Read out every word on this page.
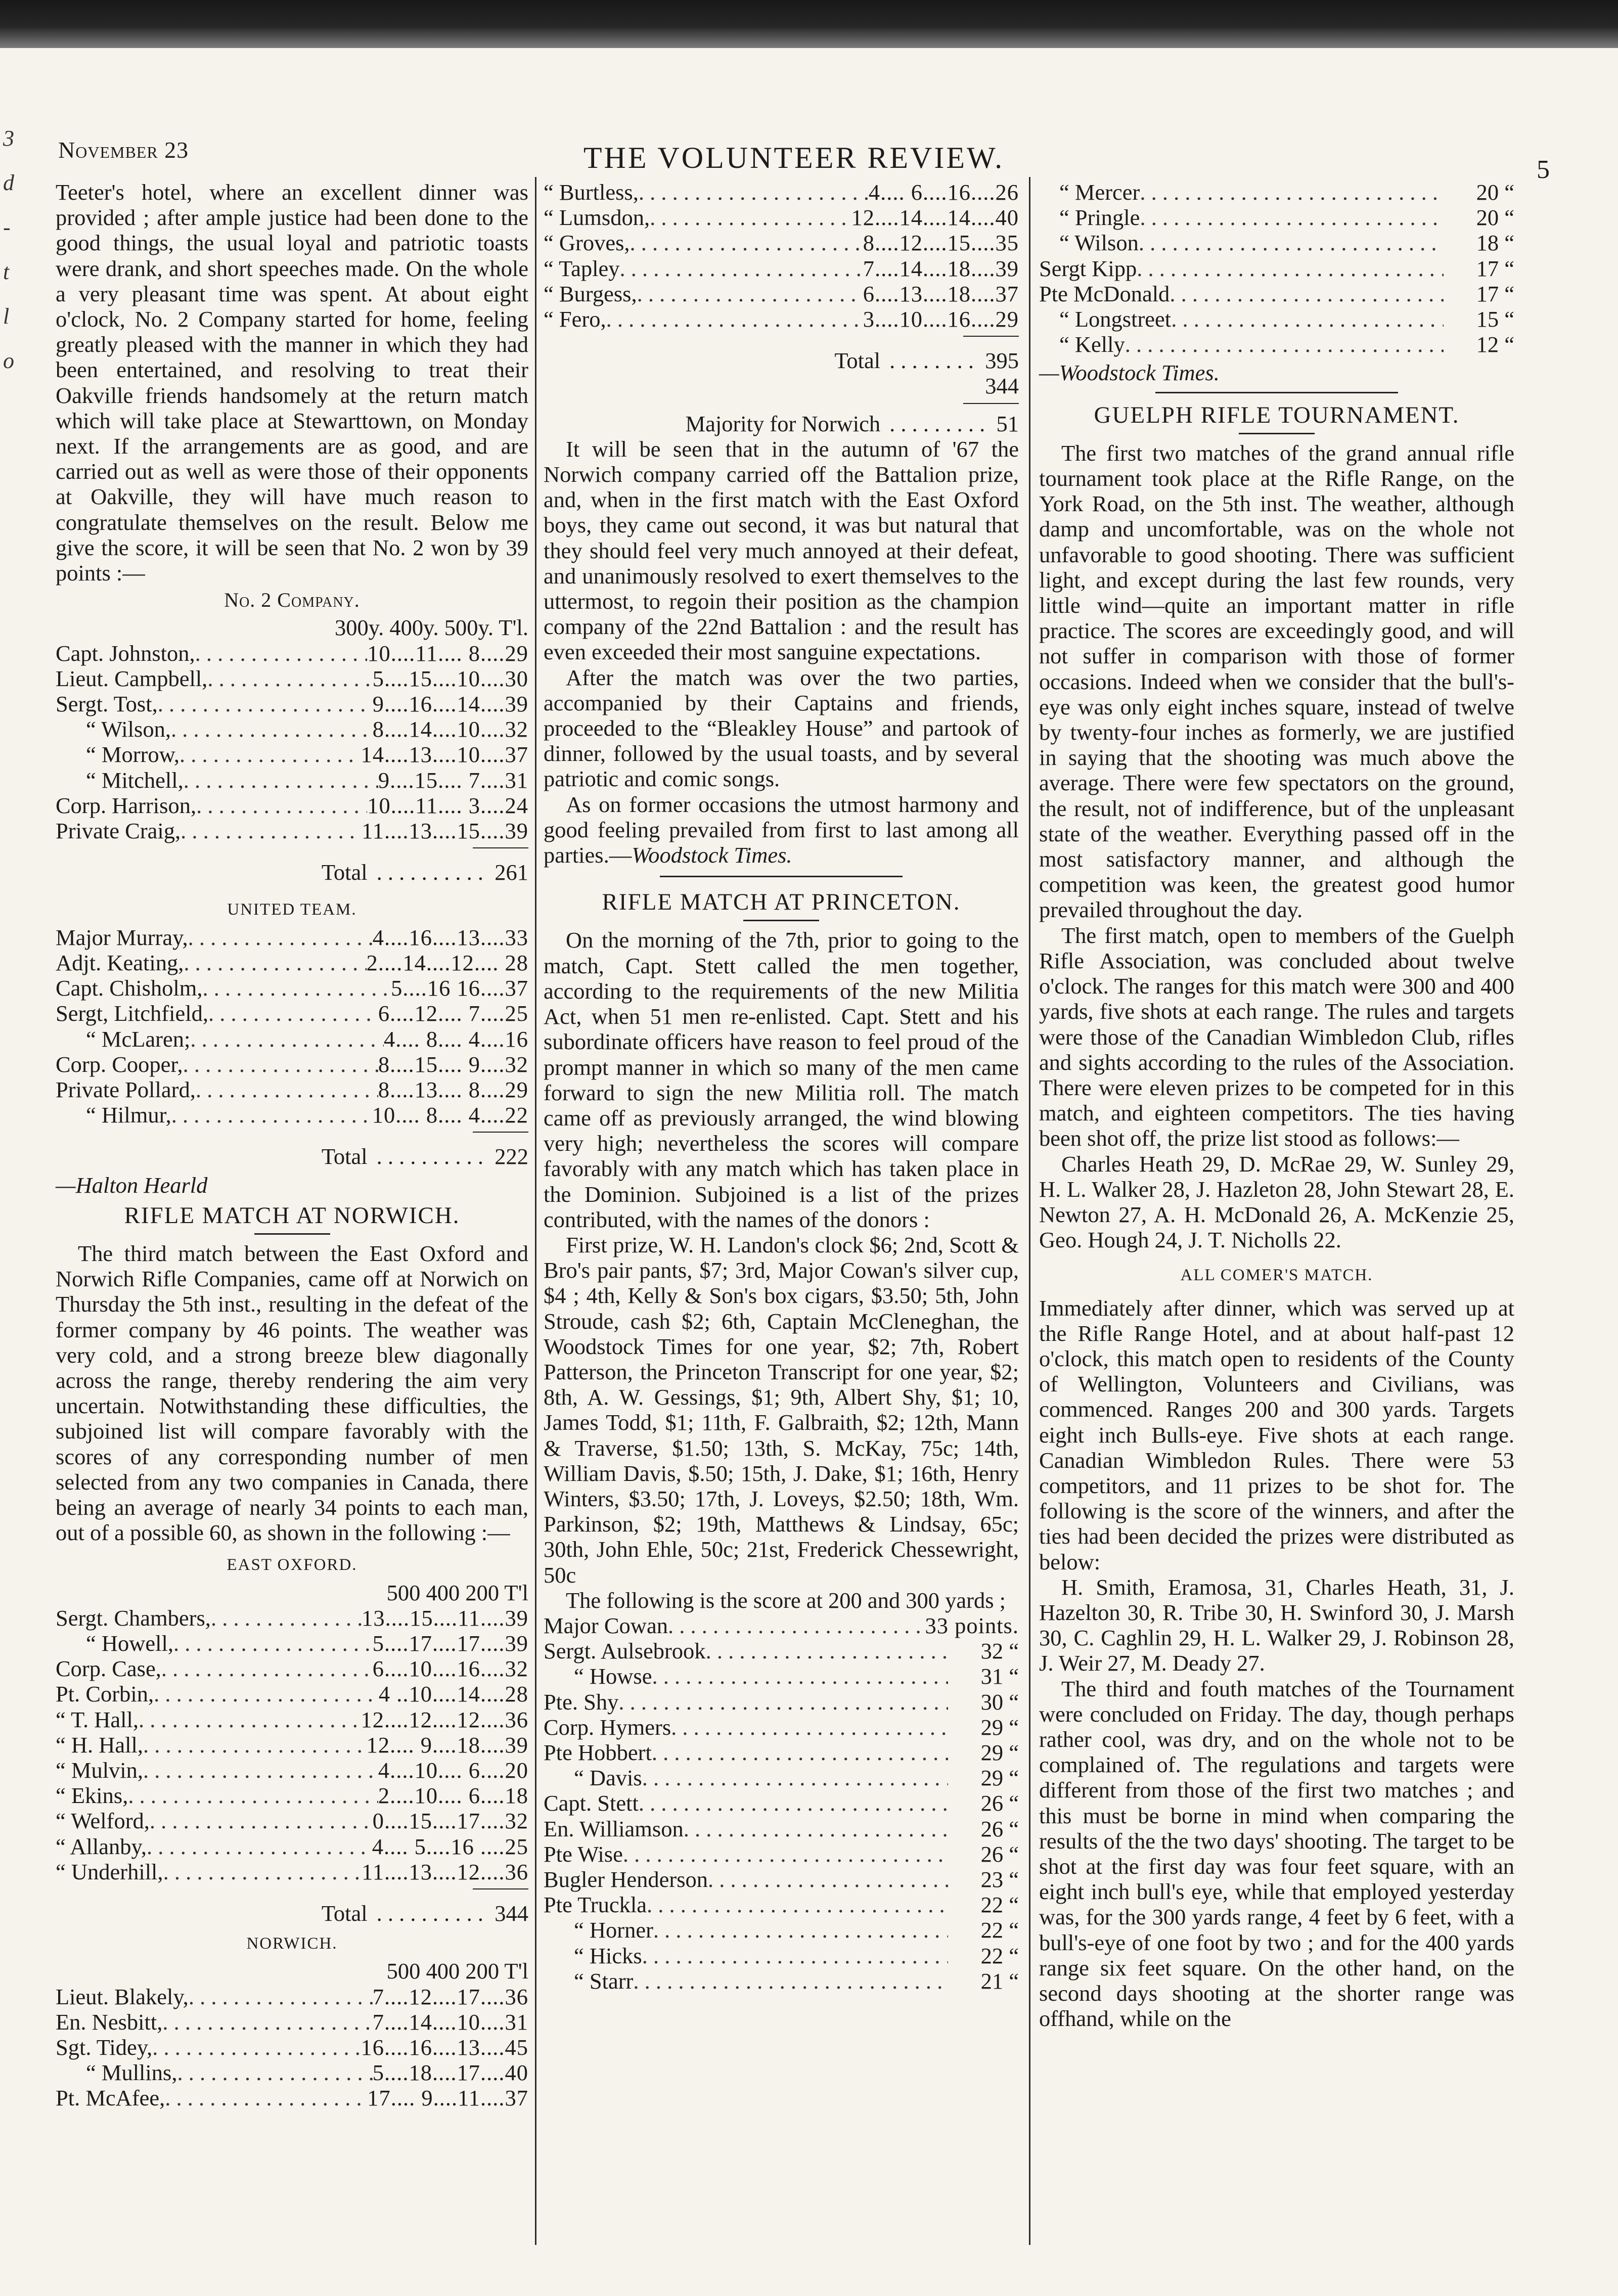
3
d
-
t
l
o
November 23	THE VOLUNTEER REVIEW.	5

Teeter's hotel, where an excellent dinner was provided ; after ample justice had been done to the good things, the usual loyal and patriotic toasts were drank, and short speeches made. On the whole a very pleasant time was spent. At about eight o'clock, No. 2 Company started for home, feeling greatly pleased with the manner in which they had been entertained, and resolving to treat their Oakville friends handsomely at the return match which will take place at Stewarttown, on Monday next. If the arrangements are as good, and are carried out as well as were those of their opponents at Oakville, they will have much reason to congratulate themselves on the result. Below me give the score, it will be seen that No. 2 won by 39 points :—

No. 2 Company.
300y. 400y. 500y. T'l.
Capt. Johnston, . . .	10....11.... 8....29
Lieut. Campbell, . . .	5....15....10....30
Sergt. Tost, . . .	9....16....14....39
“ Wilson, . . .	8....14....10....32
“ Morrow, . . .	14....13....10....37
“ Mitchell, . . .	9....15.... 7....31
Corp. Harrison, . . .	10....11.... 3....24
Private Craig, . . .	11....13....15....39
Total . . . . . . . . . . 261
UNITED TEAM.
Major Murray, . . .	4....16....13....33
Adjt. Keating, . . .	2....14....12.... 28
Capt. Chisholm, . . .	5....16 16....37
Sergt, Litchfield, . . .	6....12.... 7....25
“ McLaren; . . .	4.... 8.... 4....16
Corp. Cooper, . . .	8....15.... 9....32
Private Pollard, . . .	8....13.... 8....29
“ Hilmur, . . .	10.... 8.... 4....22
Total . . . . . . . . . . 222
—Halton Hearld
RIFLE MATCH AT NORWICH.

The third match between the East Oxford and Norwich Rifle Companies, came off at Norwich on Thursday the 5th inst., resulting in the defeat of the former company by 46 points. The weather was very cold, and a strong breeze blew diagonally across the range, thereby rendering the aim very uncertain. Notwithstanding these difficulties, the subjoined list will compare favorably with the scores of any corresponding number of men selected from any two companies in Canada, there being an average of nearly 34 points to each man, out of a possible 60, as shown in the following :—

EAST OXFORD.
500 400 200 T'l
Sergt. Chambers, . . .	13....15....11....39
“ Howell, . . .	5....17....17....39
Corp. Case, . . .	6....10....16....32
Pt. Corbin, . . .	4 ..10....14....28
“ T. Hall, . . .	12....12....12....36
“ H. Hall, . . .	12.... 9....18....39
“ Mulvin, . . .	4....10.... 6....20
“ Ekins, . . .	2....10.... 6....18
“ Welford, . . .	0....15....17....32
“ Allanby, . . .	4.... 5....16 ....25
“ Underhill, . . .	11....13....12....36
Total . . . . . . . . . . 344
NORWICH.
500 400 200 T'l
Lieut. Blakely, . . .	7....12....17....36
En. Nesbitt, . . .	7....14....10....31
Sgt. Tidey, . . .	16....16....13....45
“ Mullins, . . .	5....18....17....40
Pt. McAfee, . . .	17.... 9....11....37
“ Burtless, . . .	4.... 6....16....26
“ Lumsdon, . . .	12....14....14....40
“ Groves, . . .	8....12....15....35
“ Tapley . . .	7....14....18....39
“ Burgess, . . .	6....13....18....37
“ Fero, . . .	3....10....16....29
Total . . . . . . . . 395
344
Majority for Norwich . . . . . . . . . 51

It will be seen that in the autumn of '67 the Norwich company carried off the Battalion prize, and, when in the first match with the East Oxford boys, they came out second, it was but natural that they should feel very much annoyed at their defeat, and unanimously resolved to exert themselves to the uttermost, to regoin their position as the champion company of the 22nd Battalion : and the result has even exceeded their most sanguine expectations.

After the match was over the two parties, accompanied by their Captains and friends, proceeded to the “Bleakley House” and partook of dinner, followed by the usual toasts, and by several patriotic and comic songs.

As on former occasions the utmost harmony and good feeling prevailed from first to last among all parties.—Woodstock Times.

RIFLE MATCH AT PRINCETON.

On the morning of the 7th, prior to going to the match, Capt. Stett called the men together, according to the requirements of the new Militia Act, when 51 men re-enlisted. Capt. Stett and his subordinate officers have reason to feel proud of the prompt manner in which so many of the men came forward to sign the new Militia roll. The match came off as previously arranged, the wind blowing very high; nevertheless the scores will compare favorably with any match which has taken place in the Dominion. Subjoined is a list of the prizes contributed, with the names of the donors :

First prize, W. H. Landon's clock $6; 2nd, Scott & Bro's pair pants, $7; 3rd, Major Cowan's silver cup, $4 ; 4th, Kelly & Son's box cigars, $3.50; 5th, John Stroude, cash $2; 6th, Captain McCleneghan, the Woodstock Times for one year, $2; 7th, Robert Patterson, the Princeton Transcript for one year, $2; 8th, A. W. Gessings, $1; 9th, Albert Shy, $1; 10, James Todd, $1; 11th, F. Galbraith, $2; 12th, Mann & Traverse, $1.50; 13th, S. McKay, 75c; 14th, William Davis, $.50; 15th, J. Dake, $1; 16th, Henry Winters, $3.50; 17th, J. Loveys, $2.50; 18th, Wm. Parkinson, $2; 19th, Matthews & Lindsay, 65c; 30th, John Ehle, 50c; 21st, Frederick Chessewright, 50c

The following is the score at 200 and 300 yards ;

Major Cowan . . .	33 points.
Sergt. Aulsebrook . . .	32 “
“ Howse . . .	31 “
Pte. Shy . . .	30 “
Corp. Hymers . . .	29 “
Pte Hobbert . . .	29 “
“ Davis . . .	29 “
Capt. Stett . . .	26 “
En. Williamson . . .	26 “
Pte Wise . . .	26 “
Bugler Henderson . . .	23 “
Pte Truckla . . .	22 “
“ Horner . . .	22 “
“ Hicks . . .	22 “
“ Starr . . .	21 “
“ Mercer . . .	20 “
“ Pringle . . .	20 “
“ Wilson . . .	18 “
Sergt Kipp . . .	17 “
Pte McDonald . . .	17 “
“ Longstreet . . .	15 “
“ Kelly . . .	12 “
—Woodstock Times.
GUELPH RIFLE TOURNAMENT.

The first two matches of the grand annual rifle tournament took place at the Rifle Range, on the York Road, on the 5th inst. The weather, although damp and uncomfortable, was on the whole not unfavorable to good shooting. There was sufficient light, and except during the last few rounds, very little wind—quite an important matter in rifle practice. The scores are exceedingly good, and will not suffer in comparison with those of former occasions. Indeed when we consider that the bull's-eye was only eight inches square, instead of twelve by twenty-four inches as formerly, we are justified in saying that the shooting was much above the average. There were few spectators on the ground, the result, not of indifference, but of the unpleasant state of the weather. Everything passed off in the most satisfactory manner, and although the competition was keen, the greatest good humor prevailed throughout the day.

The first match, open to members of the Guelph Rifle Association, was concluded about twelve o'clock. The ranges for this match were 300 and 400 yards, five shots at each range. The rules and targets were those of the Canadian Wimbledon Club, rifles and sights according to the rules of the Association. There were eleven prizes to be competed for in this match, and eighteen competitors. The ties having been shot off, the prize list stood as follows:—

Charles Heath 29, D. McRae 29, W. Sunley 29, H. L. Walker 28, J. Hazleton 28, John Stewart 28, E. Newton 27, A. H. McDonald 26, A. McKenzie 25, Geo. Hough 24, J. T. Nicholls 22.

ALL COMER'S MATCH.

Immediately after dinner, which was served up at the Rifle Range Hotel, and at about half-past 12 o'clock, this match open to residents of the County of Wellington, Volunteers and Civilians, was commenced. Ranges 200 and 300 yards. Targets eight inch Bulls-eye. Five shots at each range. Canadian Wimbledon Rules. There were 53 competitors, and 11 prizes to be shot for. The following is the score of the winners, and after the ties had been decided the prizes were distributed as below:

H. Smith, Eramosa, 31, Charles Heath, 31, J. Hazelton 30, R. Tribe 30, H. Swinford 30, J. Marsh 30, C. Caghlin 29, H. L. Walker 29, J. Robinson 28, J. Weir 27, M. Deady 27.

The third and fouth matches of the Tournament were concluded on Friday. The day, though perhaps rather cool, was dry, and on the whole not to be complained of. The regulations and targets were different from those of the first two matches ; and this must be borne in mind when comparing the results of the the two days' shooting. The target to be shot at the first day was four feet square, with an eight inch bull's eye, while that employed yesterday was, for the 300 yards range, 4 feet by 6 feet, with a bull's-eye of one foot by two ; and for the 400 yards range six feet square. On the other hand, on the second days shooting at the shorter range was offhand, while on the
